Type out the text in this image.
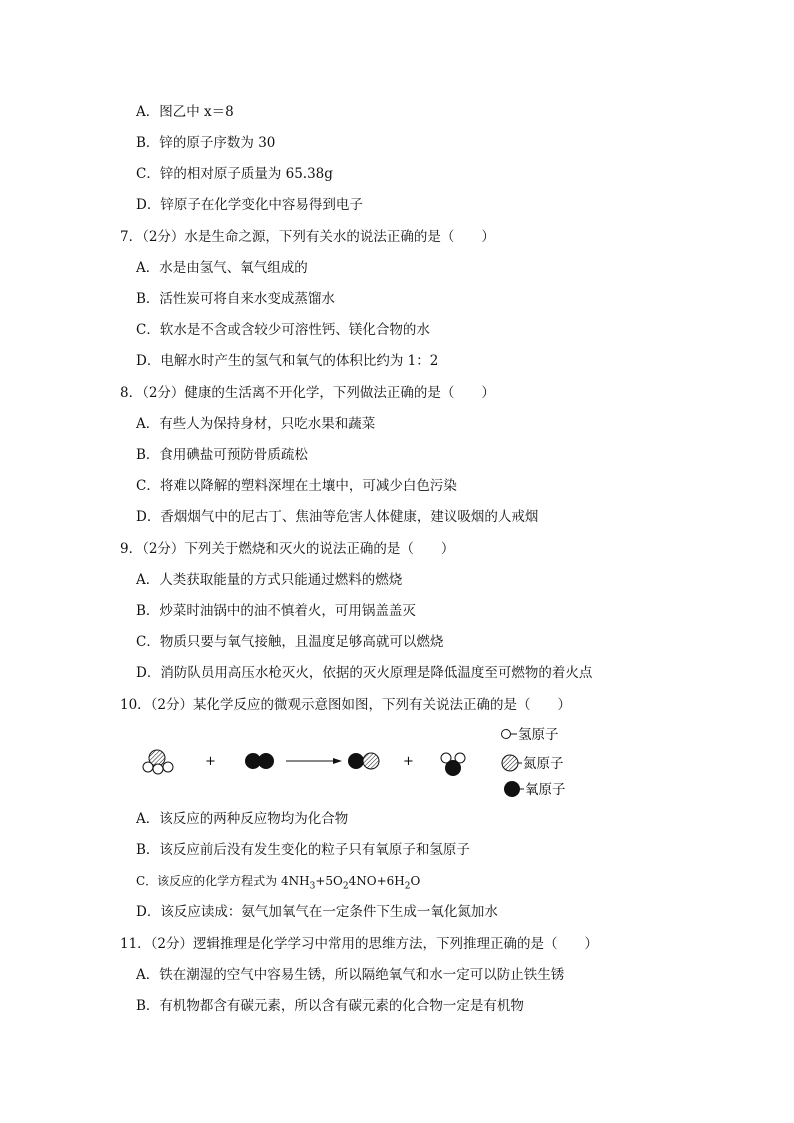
A．图乙中 x＝8
B．锌的原子序数为 30
C．锌的相对原子质量为 65.38g
D．锌原子在化学变化中容易得到电子
7．（2分）水是生命之源，下列有关水的说法正确的是（　　）
A．水是由氢气、氧气组成的
B．活性炭可将自来水变成蒸馏水
C．软水是不含或含较少可溶性钙、镁化合物的水
D．电解水时产生的氢气和氧气的体积比约为 1：2
8．（2分）健康的生活离不开化学，下列做法正确的是（　　）
A．有些人为保持身材，只吃水果和蔬菜
B．食用碘盐可预防骨质疏松
C．将难以降解的塑料深埋在土壤中，可减少白色污染
D．香烟烟气中的尼古丁、焦油等危害人体健康，建议吸烟的人戒烟
9．（2分）下列关于燃烧和灭火的说法正确的是（　　）
A．人类获取能量的方式只能通过燃料的燃烧
B．炒菜时油锅中的油不慎着火，可用锅盖盖灭
C．物质只要与氧气接触，且温度足够高就可以燃烧
D．消防队员用高压水枪灭火，依据的灭火原理是降低温度至可燃物的着火点
10．（2分）某化学反应的微观示意图如图，下列有关说法正确的是（　　）
+	+
氢原子
氮原子
氧原子
A．该反应的两种反应物均为化合物
B．该反应前后没有发生变化的粒子只有氧原子和氢原子
C．该反应的化学方程式为 $4NH_3+5O_24NO+6H_2O$
D．该反应读成：氨气加氧气在一定条件下生成一氧化氮加水
11．（2分）逻辑推理是化学学习中常用的思维方法，下列推理正确的是（　　）
A．铁在潮湿的空气中容易生锈，所以隔绝氧气和水一定可以防止铁生锈
B．有机物都含有碳元素，所以含有碳元素的化合物一定是有机物
